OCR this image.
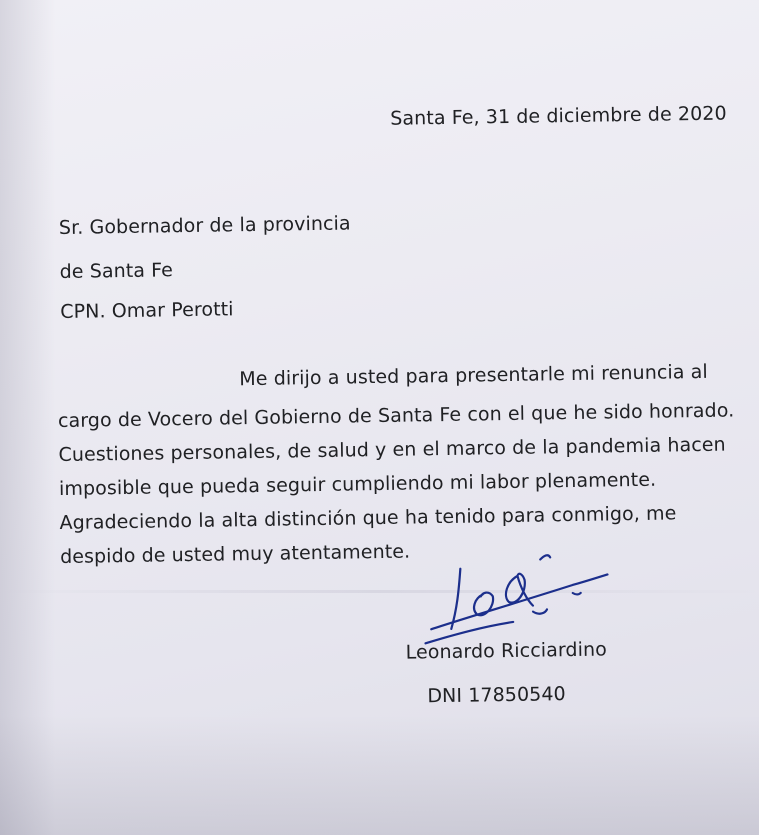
Santa Fe, 31 de diciembre de 2020
Sr. Gobernador de la provincia
de Santa Fe
CPN. Omar Perotti
Me dirijo a usted para presentarle mi renuncia al
cargo de Vocero del Gobierno de Santa Fe con el que he sido honrado.
Cuestiones personales, de salud y en el marco de la pandemia hacen
imposible que pueda seguir cumpliendo mi labor plenamente.
Agradeciendo la alta distinción que ha tenido para conmigo, me
despido de usted muy atentamente.
Leonardo Ricciardino
DNI 17850540
